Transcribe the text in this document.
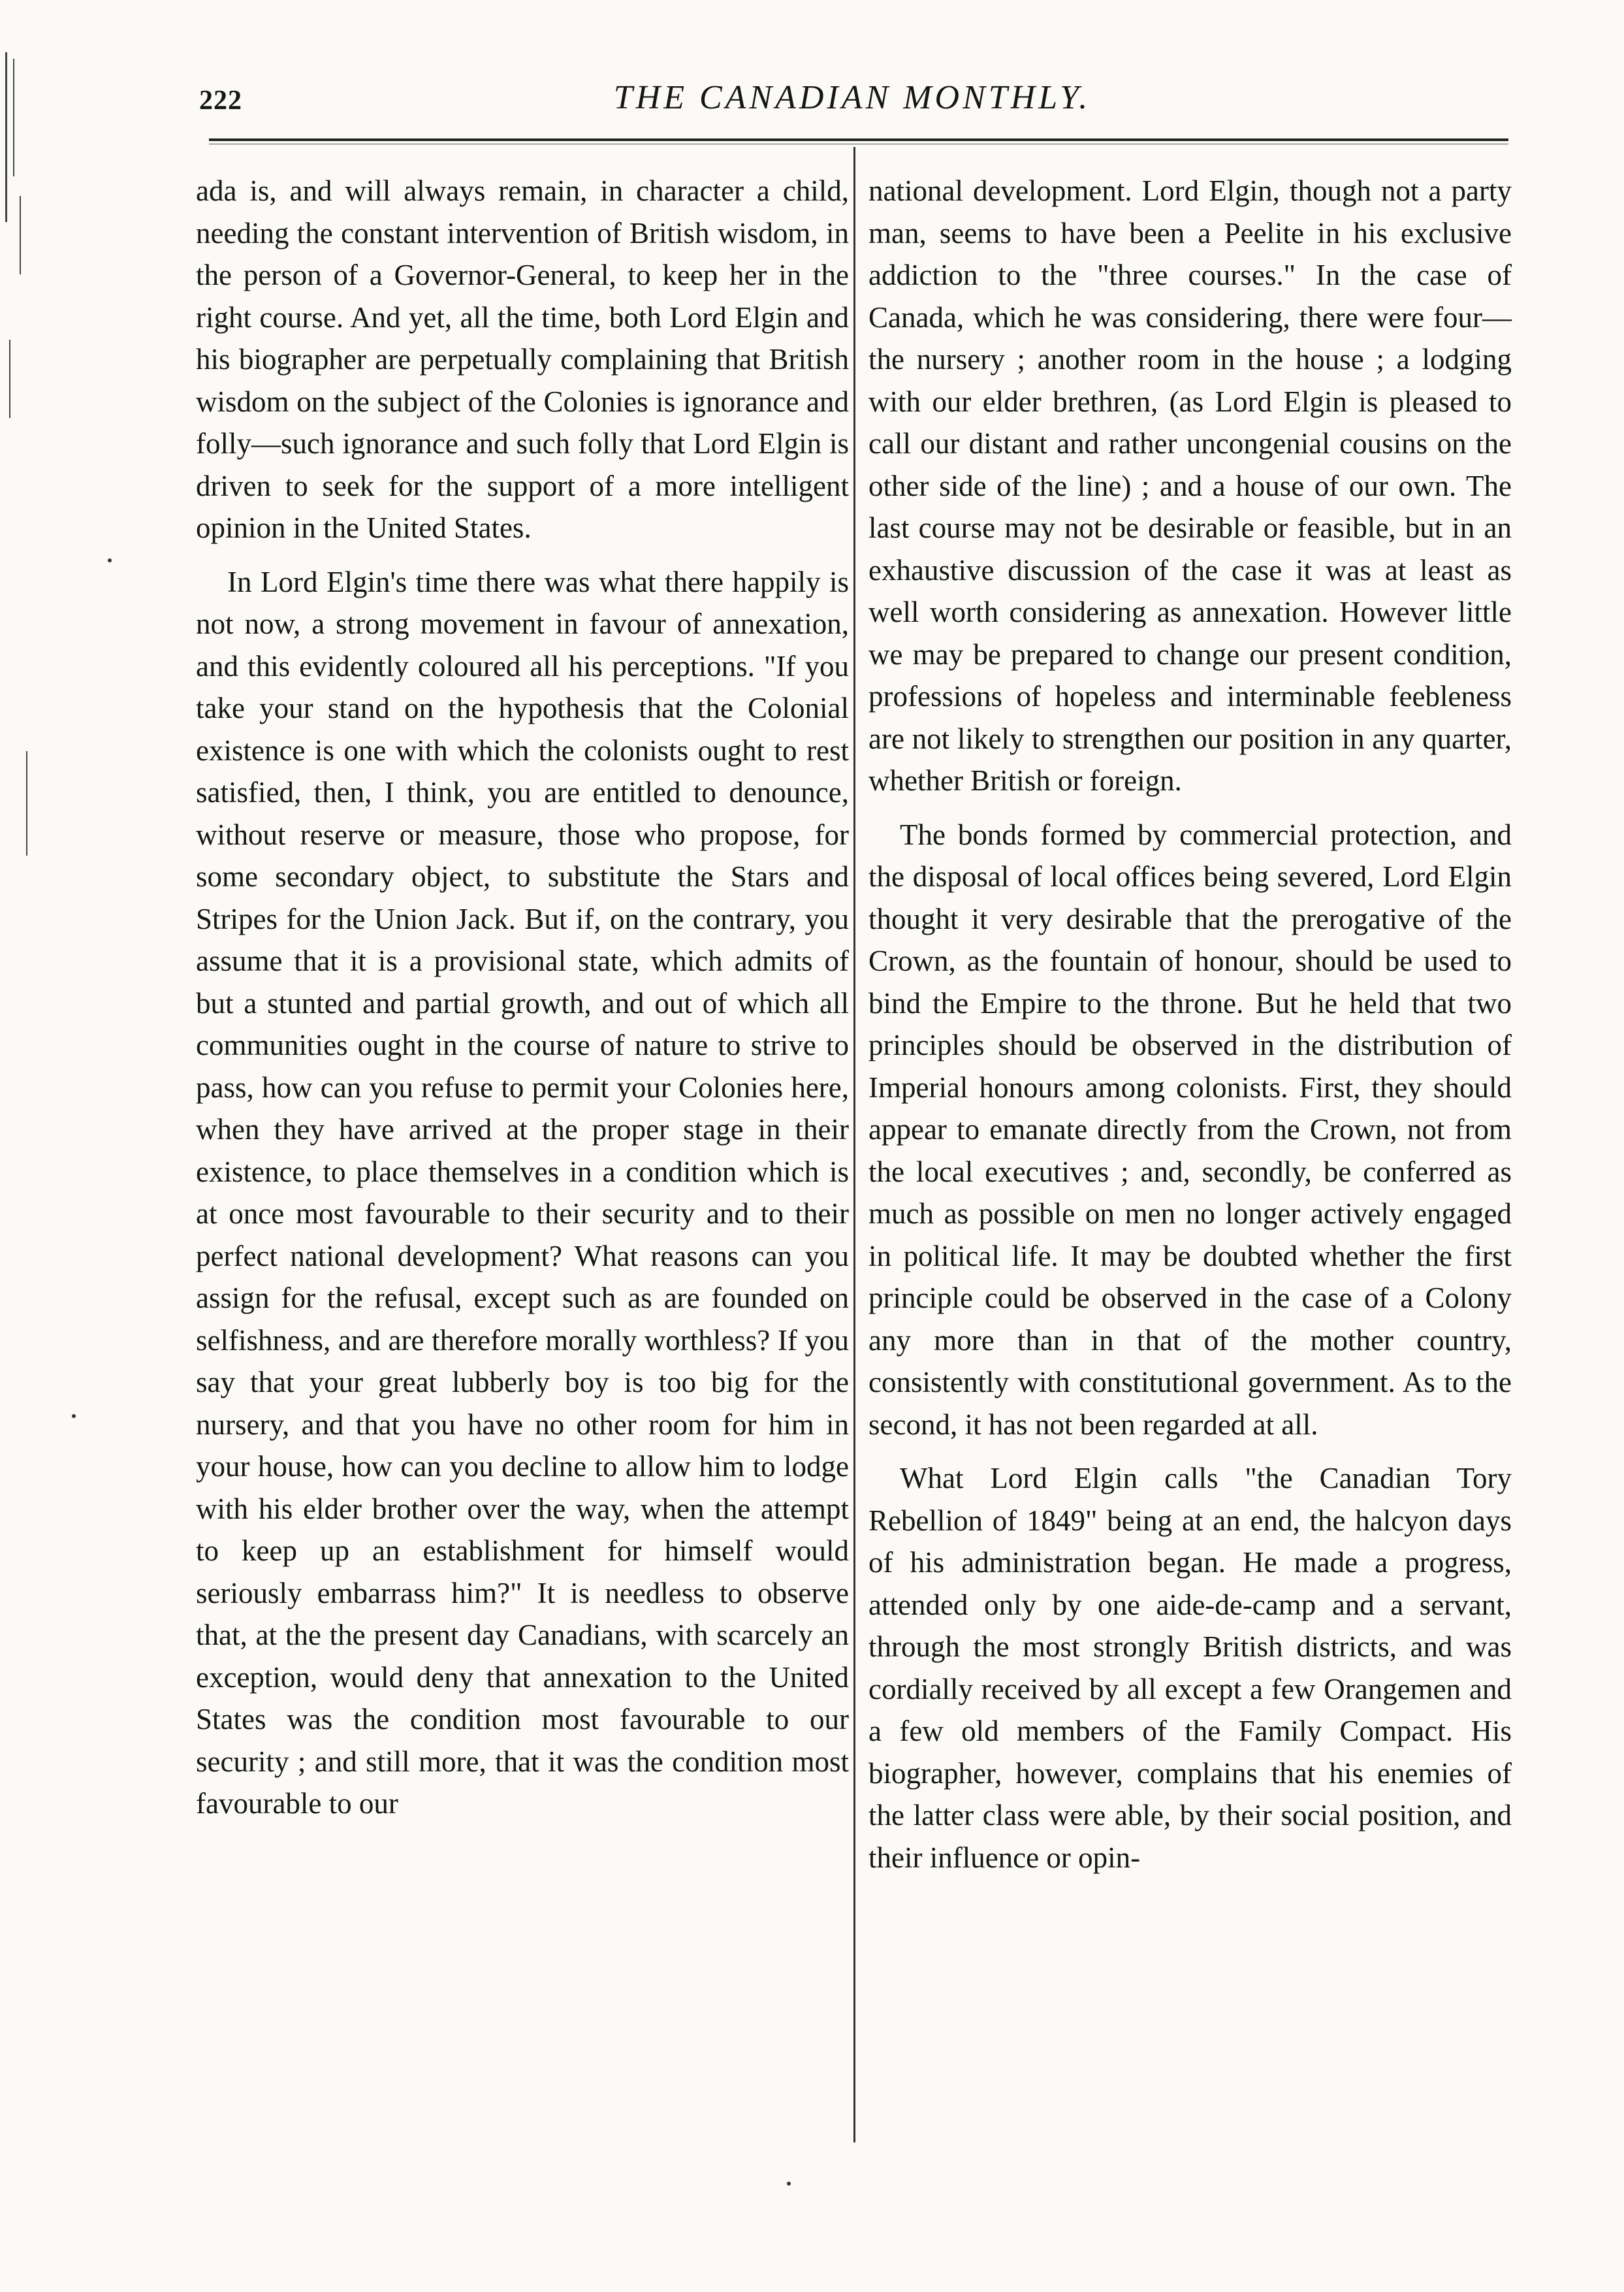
222	THE CANADIAN MONTHLY.

ada is, and will always remain, in character a child, needing the constant intervention of British wisdom, in the person of a Governor-General, to keep her in the right course. And yet, all the time, both Lord Elgin and his biographer are perpetually complaining that British wisdom on the subject of the Colonies is ignorance and folly—such ignorance and such folly that Lord Elgin is driven to seek for the support of a more intelligent opinion in the United States.

In Lord Elgin's time there was what there happily is not now, a strong movement in favour of annexation, and this evidently coloured all his perceptions. "If you take your stand on the hypothesis that the Colonial existence is one with which the colonists ought to rest satisfied, then, I think, you are entitled to denounce, without reserve or measure, those who propose, for some secondary object, to substitute the Stars and Stripes for the Union Jack. But if, on the contrary, you assume that it is a provisional state, which admits of but a stunted and partial growth, and out of which all communities ought in the course of nature to strive to pass, how can you refuse to permit your Colonies here, when they have arrived at the proper stage in their existence, to place themselves in a condition which is at once most favourable to their security and to their perfect national development? What reasons can you assign for the refusal, except such as are founded on selfishness, and are therefore morally worthless? If you say that your great lubberly boy is too big for the nursery, and that you have no other room for him in your house, how can you decline to allow him to lodge with his elder brother over the way, when the attempt to keep up an establishment for himself would seriously embarrass him?" It is needless to observe that, at the the present day Canadians, with scarcely an exception, would deny that annexation to the United States was the condition most favourable to our security ; and still more, that it was the condition most favourable to our

national development. Lord Elgin, though not a party man, seems to have been a Peelite in his exclusive addiction to the "three courses." In the case of Canada, which he was considering, there were four—the nursery ; another room in the house ; a lodging with our elder brethren, (as Lord Elgin is pleased to call our distant and rather uncongenial cousins on the other side of the line) ; and a house of our own. The last course may not be desirable or feasible, but in an exhaustive discussion of the case it was at least as well worth considering as annexation. However little we may be prepared to change our present condition, professions of hopeless and interminable feebleness are not likely to strengthen our position in any quarter, whether British or foreign.

The bonds formed by commercial protection, and the disposal of local offices being severed, Lord Elgin thought it very desirable that the prerogative of the Crown, as the fountain of honour, should be used to bind the Empire to the throne. But he held that two principles should be observed in the distribution of Imperial honours among colonists. First, they should appear to emanate directly from the Crown, not from the local executives ; and, secondly, be conferred as much as possible on men no longer actively engaged in political life. It may be doubted whether the first principle could be observed in the case of a Colony any more than in that of the mother country, consistently with constitutional government. As to the second, it has not been regarded at all.

What Lord Elgin calls "the Canadian Tory Rebellion of 1849" being at an end, the halcyon days of his administration began. He made a progress, attended only by one aide-de-camp and a servant, through the most strongly British districts, and was cordially received by all except a few Orangemen and a few old members of the Family Compact. His biographer, however, complains that his enemies of the latter class were able, by their social position, and their influence or opin-
